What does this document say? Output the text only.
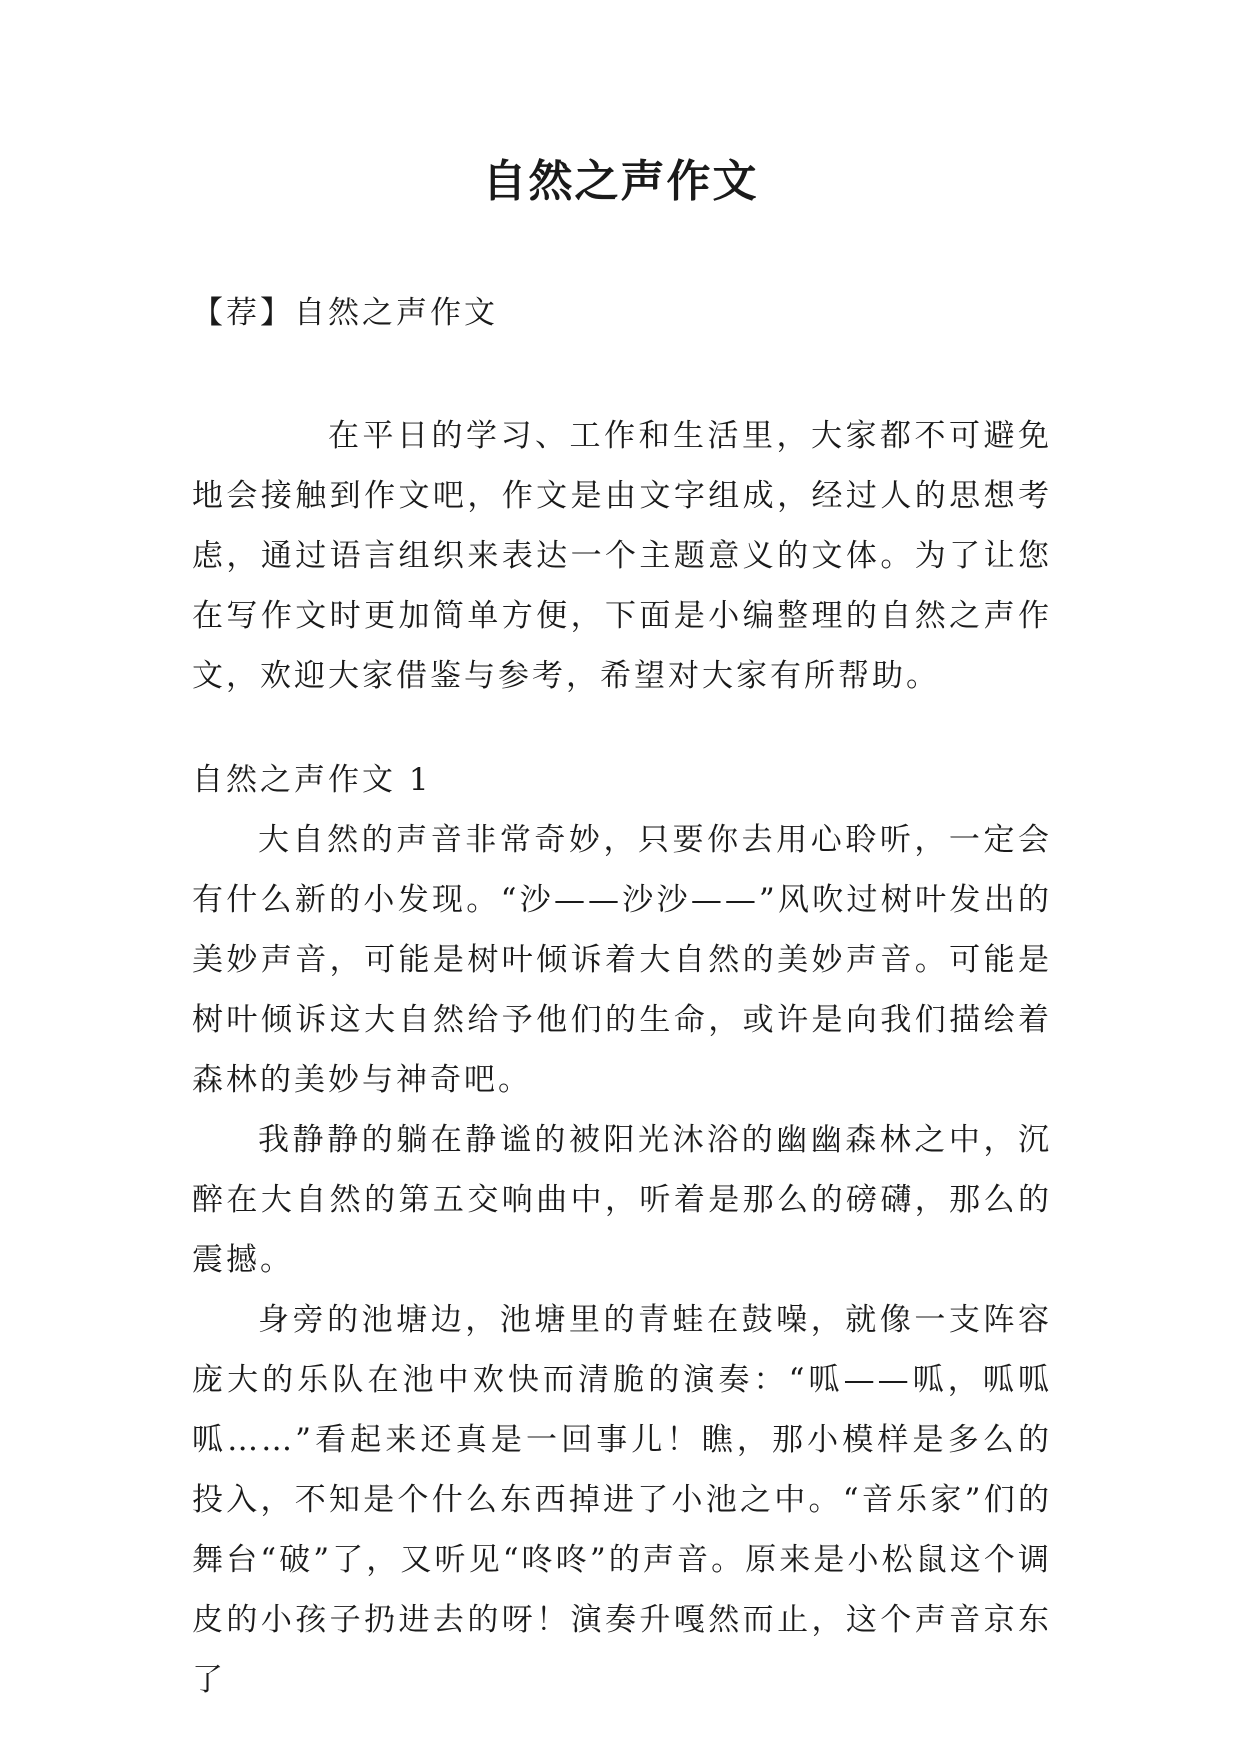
自然之声作文
【荐】自然之声作文

在平日的学习、工作和生活里，大家都不可避免地会接触到作文吧，作文是由文字组成，经过人的思想考虑，通过语言组织来表达一个主题意义的文体。为了让您在写作文时更加简单方便，下面是小编整理的自然之声作文，欢迎大家借鉴与参考，希望对大家有所帮助。

自然之声作文 1

大自然的声音非常奇妙，只要你去用心聆听，一定会有什么新的小发现。“沙——沙沙——”风吹过树叶发出的美妙声音，可能是树叶倾诉着大自然的美妙声音。可能是树叶倾诉这大自然给予他们的生命，或许是向我们描绘着森林的美妙与神奇吧。

我静静的躺在静谧的被阳光沐浴的幽幽森林之中，沉醉在大自然的第五交响曲中，听着是那么的磅礴，那么的震撼。

身旁的池塘边，池塘里的青蛙在鼓噪，就像一支阵容庞大的乐队在池中欢快而清脆的演奏：“呱——呱，呱呱呱……”看起来还真是一回事儿！瞧，那小模样是多么的投入，不知是个什么东西掉进了小池之中。“音乐家”们的舞台“破”了，又听见“咚咚”的声音。原来是小松鼠这个调皮的小孩子扔进去的呀！演奏升嘎然而止，这个声音京东了
